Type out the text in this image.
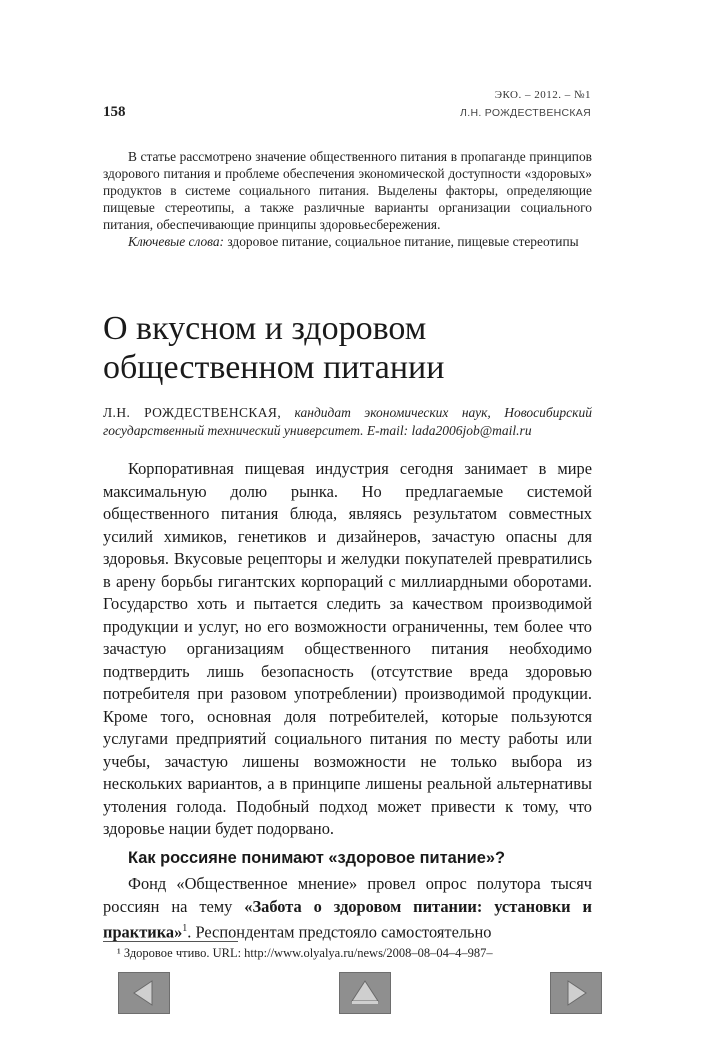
ЭКО. – 2012. – №1
158	Л.Н. РОЖДЕСТВЕНСКАЯ

В статье рассмотрено значение общественного питания в пропаганде принципов здорового питания и проблеме обеспечения экономической доступности «здоровых» продуктов в системе социального питания. Выделены факторы, определяющие пищевые стереотипы, а также различные варианты организации социального питания, обеспечивающие принципы здоровьесбережения.

Ключевые слова: здоровое питание, социальное питание, пищевые стереотипы

О вкусном и здоровом
общественном питании
Л.Н. РОЖДЕСТВЕНСКАЯ, кандидат экономических наук, Новосибирский государственный технический университет. E-mail: lada2006job@mail.ru

Корпоративная пищевая индустрия сегодня занимает в мире максимальную долю рынка. Но предлагаемые системой общественного питания блюда, являясь результатом совместных усилий химиков, генетиков и дизайнеров, зачастую опасны для здоровья. Вкусовые рецепторы и желудки покупателей превратились в арену борьбы гигантских корпораций с миллиардными оборотами. Государство хоть и пытается следить за качеством производимой продукции и услуг, но его возможности ограниченны, тем более что зачастую организациям общественного питания необходимо подтвердить лишь безопасность (отсутствие вреда здоровью потребителя при разовом употреблении) производимой продукции. Кроме того, основная доля потребителей, которые пользуются услугами предприятий социального питания по месту работы или учебы, зачастую лишены возможности не только выбора из нескольких вариантов, а в принципе лишены реальной альтернативы утоления голода. Подобный подход может привести к тому, что здоровье нации будет подорвано.

Как россияне понимают «здоровое питание»?

Фонд «Общественное мнение» провел опрос полутора тысяч россиян на тему «Забота о здоровом питании: установки и практика»$^1$. Респондентам предстояло самостоятельно

¹ Здоровое чтиво. URL: http://www.olyalya.ru/news/2008–08–04–4–987–
